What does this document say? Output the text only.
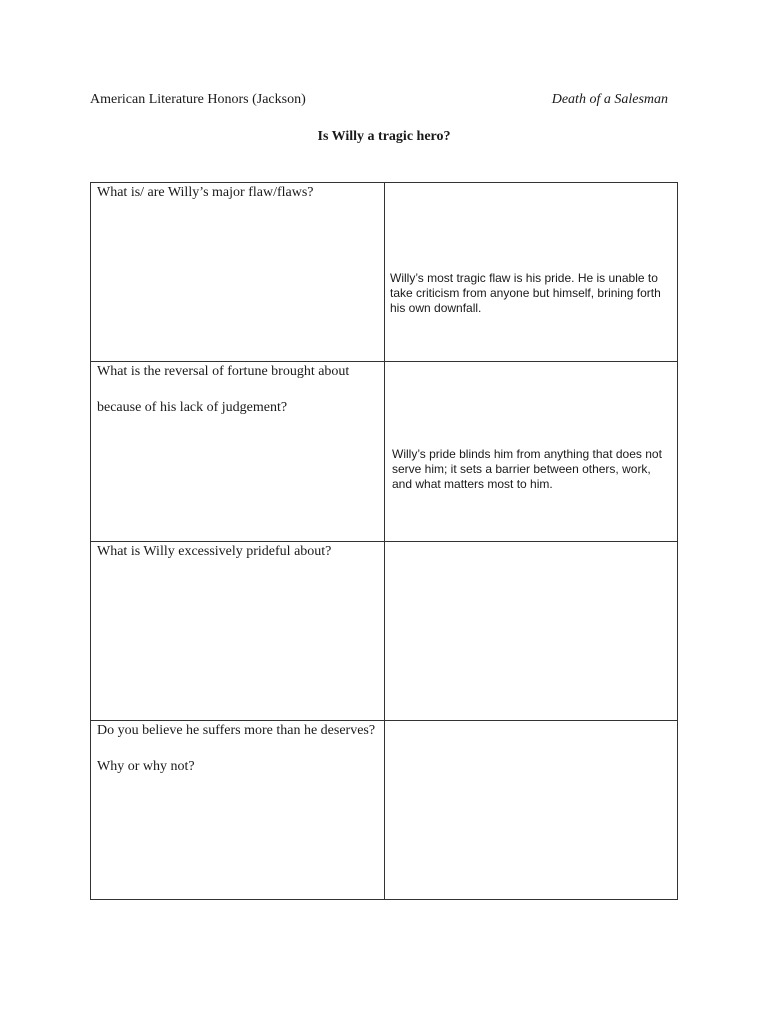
American Literature Honors (Jackson)	Death of a Salesman
Is Willy a tragic hero?
What is/ are Willy’s major flaw/flaws?	Willy’s most tragic flaw is his pride. He is unable to take criticism from anyone but himself, brining forth his own downfall.

What is the reversal of fortune brought about because of his lack of judgement?	Willy’s pride blinds him from anything that does not serve him; it sets a barrier between others, work, and what matters most to him.

What is Willy excessively prideful about?	

Do you believe he suffers more than he deserves? Why or why not?	
